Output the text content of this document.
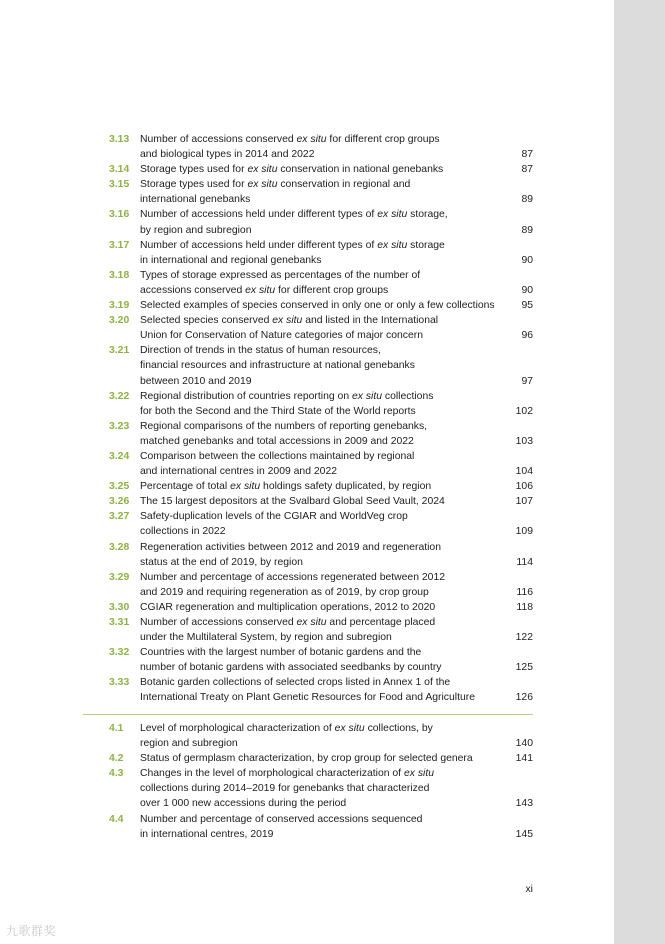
3.13	Number of accessions conserved ex situ for different crop groups
and biological types in 2014 and 2022	87
3.14	Storage types used for ex situ conservation in national genebanks	87
3.15	Storage types used for ex situ conservation in regional and
international genebanks	89
3.16	Number of accessions held under different types of ex situ storage,
by region and subregion	89
3.17	Number of accessions held under different types of ex situ storage
in international and regional genebanks	90
3.18	Types of storage expressed as percentages of the number of
accessions conserved ex situ for different crop groups	90
3.19	Selected examples of species conserved in only one or only a few collections	95
3.20	Selected species conserved ex situ and listed in the International
Union for Conservation of Nature categories of major concern	96
3.21	Direction of trends in the status of human resources,
financial resources and infrastructure at national genebanks
between 2010 and 2019	97
3.22	Regional distribution of countries reporting on ex situ collections
for both the Second and the Third State of the World reports	102
3.23	Regional comparisons of the numbers of reporting genebanks,
matched genebanks and total accessions in 2009 and 2022	103
3.24	Comparison between the collections maintained by regional
and international centres in 2009 and 2022	104
3.25	Percentage of total ex situ holdings safety duplicated, by region	106
3.26	The 15 largest depositors at the Svalbard Global Seed Vault, 2024	107
3.27	Safety-duplication levels of the CGIAR and WorldVeg crop
collections in 2022	109
3.28	Regeneration activities between 2012 and 2019 and regeneration
status at the end of 2019, by region	114
3.29	Number and percentage of accessions regenerated between 2012
and 2019 and requiring regeneration as of 2019, by crop group	116
3.30	CGIAR regeneration and multiplication operations, 2012 to 2020	118
3.31	Number of accessions conserved ex situ and percentage placed
under the Multilateral System, by region and subregion	122
3.32	Countries with the largest number of botanic gardens and the
number of botanic gardens with associated seedbanks by country	125
3.33	Botanic garden collections of selected crops listed in Annex 1 of the
International Treaty on Plant Genetic Resources for Food and Agriculture	126
4.1	Level of morphological characterization of ex situ collections, by
region and subregion	140
4.2	Status of germplasm characterization, by crop group for selected genera	141
4.3	Changes in the level of morphological characterization of ex situ
collections during 2014–2019 for genebanks that characterized
over 1 000 new accessions during the period	143
4.4	Number and percentage of conserved accessions sequenced
in international centres, 2019	145
xi
九歌群奖
